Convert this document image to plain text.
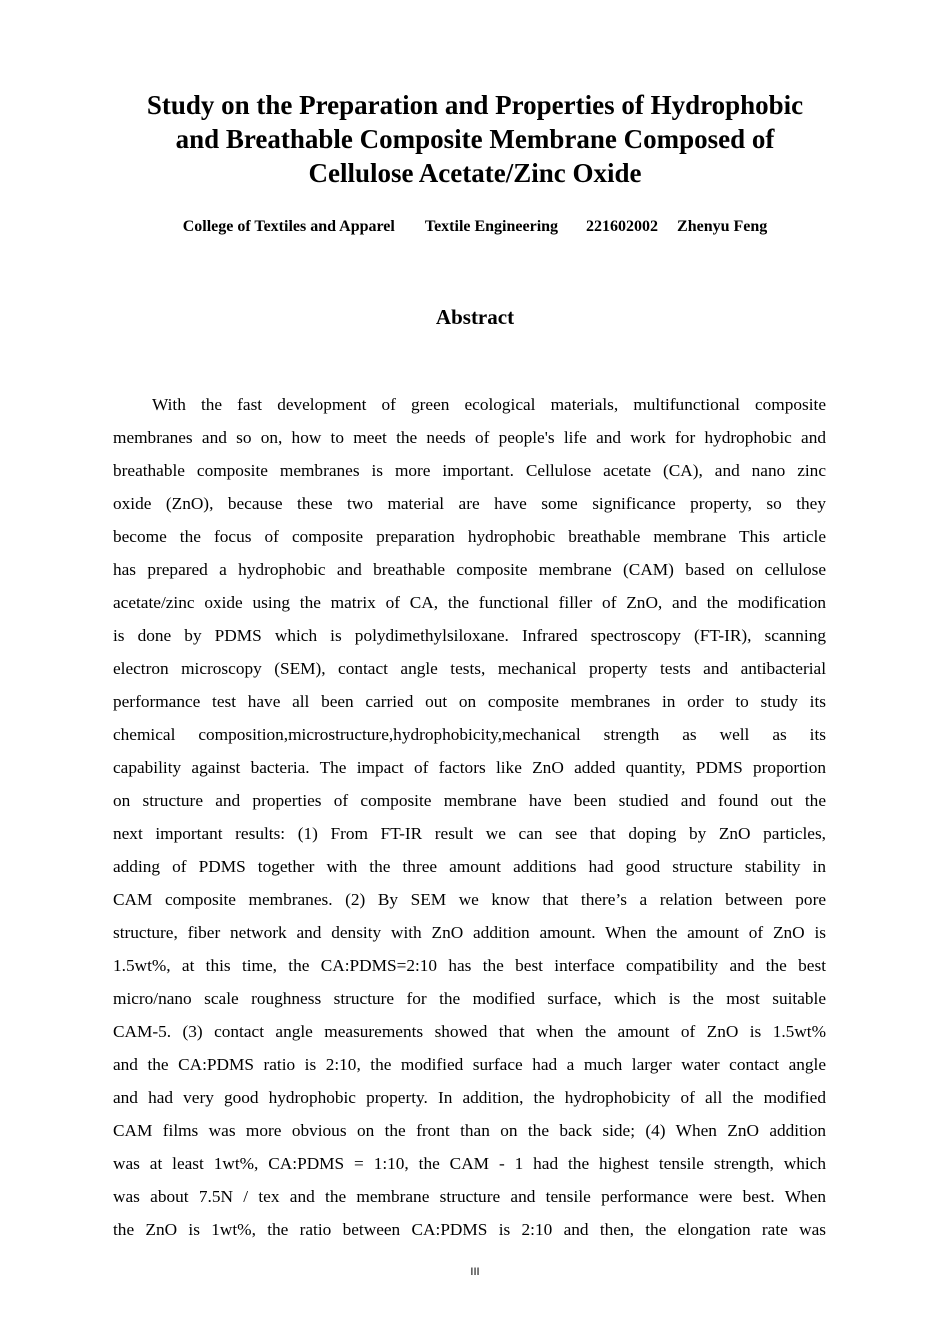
Study on the Preparation and Properties of Hydrophobic
and Breathable Composite Membrane Composed of
Cellulose Acetate/Zinc Oxide
College of Textiles and Apparel Textile Engineering 221602002 Zhenyu Feng
Abstract
With the fast development of green ecological materials, multifunctional composite
membranes and so on, how to meet the needs of people's life and work for hydrophobic and
breathable composite membranes is more important. Cellulose acetate (CA), and nano zinc
oxide (ZnO), because these two material are have some significance property, so they
become the focus of composite preparation hydrophobic breathable membrane This article
has prepared a hydrophobic and breathable composite membrane (CAM) based on cellulose
acetate/zinc oxide using the matrix of CA, the functional filler of ZnO, and the modification
is done by PDMS which is polydimethylsiloxane. Infrared spectroscopy (FT-IR), scanning
electron microscopy (SEM), contact angle tests, mechanical property tests and antibacterial
performance test have all been carried out on composite membranes in order to study its
chemical composition,microstructure,hydrophobicity,mechanical strength as well as its
capability against bacteria. The impact of factors like ZnO added quantity, PDMS proportion
on structure and properties of composite membrane have been studied and found out the
next important results: (1) From FT-IR result we can see that doping by ZnO particles,
adding of PDMS together with the three amount additions had good structure stability in
CAM composite membranes. (2) By SEM we know that there’s a relation between pore
structure, fiber network and density with ZnO addition amount. When the amount of ZnO is
1.5wt%, at this time, the CA:PDMS=2:10 has the best interface compatibility and the best
micro/nano scale roughness structure for the modified surface, which is the most suitable
CAM-5. (3) contact angle measurements showed that when the amount of ZnO is 1.5wt%
and the CA:PDMS ratio is 2:10, the modified surface had a much larger water contact angle
and had very good hydrophobic property. In addition, the hydrophobicity of all the modified
CAM films was more obvious on the front than on the back side; (4) When ZnO addition
was at least 1wt%, CA:PDMS = 1:10, the CAM - 1 had the highest tensile strength, which
was about 7.5N / tex and the membrane structure and tensile performance were best. When
the ZnO is 1wt%, the ratio between CA:PDMS is 2:10 and then, the elongation rate was
III
